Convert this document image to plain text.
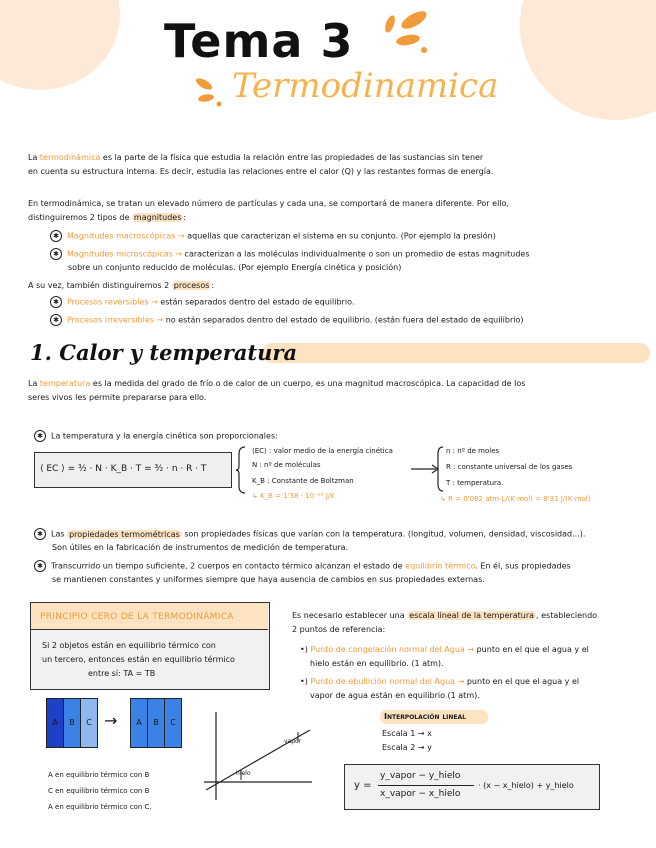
Tema 3
Termodinamica
La termodinámica es la parte de la física que estudia la relación entre las propiedades de las sustancias sin tener
en cuenta su estructura interna. Es decir, estudia las relaciones entre el calor (Q) y las restantes formas de energía.
En termodinámica, se tratan un elevado número de partículas y cada una, se comportará de manera diferente. Por ello,
distinguiremos 2 tipos de magnitudes :
✱ Magnitudes macroscópicas → aquellas que caracterizan el sistema en su conjunto. (Por ejemplo la presión)
✱ Magnitudes microscópicas → caracterizan a las moléculas individualmente o son un promedio de estas magnitudes
sobre un conjunto reducido de moléculas. (Por ejemplo Energía cinética y posición)
A su vez, también distinguiremos 2 procesos :
✱ Procesos reversibles → están separados dentro del estado de equilibrio.
✱ Procesos irreversibles → no están separados dentro del estado de equilibrio. (están fuera del estado de equilibrio)
1. Calor y temperatura
La temperatura es la medida del grado de frío o de calor de un cuerpo, es una magnitud macroscópica. La capacidad de los
seres vivos les permite prepararse para ello.
✱ La temperatura y la energía cinética son proporcionales:
⟨ EC ⟩ = ³⁄₂ · N · K_B · T = ³⁄₂ · n · R · T
⟨EC⟩ : valor medio de la energía cinética
N : nº de moléculas
K_B : Constante de Boltzman
↳ K_B = 1'38 · 10⁻²³ J/K
n : nº de moles
R : constante universal de los gases
T : temperatura.
↳ R = 0'082 atm·L/(K·mol) = 8'31 J/(K·mol)
✱ Las propiedades termométricas son propiedades físicas que varían con la temperatura. (longitud, volumen, densidad, viscosidad...).
Son útiles en la fabricación de instrumentos de medición de temperatura.
✱ Transcurrido un tiempo suficiente, 2 cuerpos en contacto térmico alcanzan el estado de equilibrio térmico. En él, sus propiedades
se mantienen constantes y uniformes siempre que haya ausencia de cambios en sus propiedades externas.
PRINCIPIO CERO DE LA TERMODINÁMICA
Si 2 objetos están en equilibrio térmico con
un tercero, entonces están en equilibrio térmico
entre sí: TA = TB
A	B	C →	A	B	C
A en equilibrio térmico con B
C en equilibrio térmico con B
A en equilibrio térmico con C.
vapor
hielo
Es necesario establecer una escala lineal de la temperatura , estableciendo
2 puntos de referencia:
•) Punto de congelación normal del Agua → punto en el que el agua y el
hielo están en equilibrio. (1 atm).
•) Punto de ebullición normal del Agua → punto en el que el agua y el
vapor de agua están en equilibrio (1 atm).
Interpolación lineal
Escala 1 → x
Escala 2 → y
y =
y_vapor − y_hielo
x_vapor − x_hielo
· (x − x_hielo) + y_hielo
